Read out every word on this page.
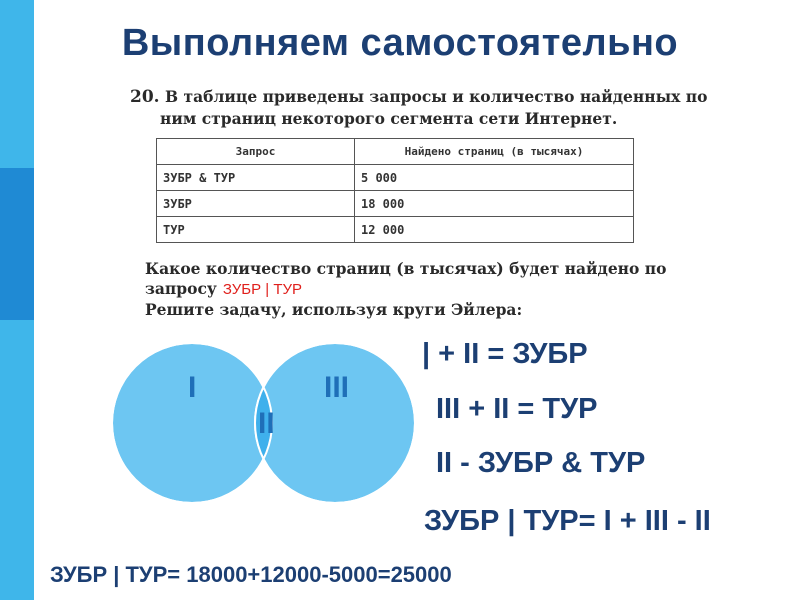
Выполняем самостоятельно
20. В таблице приведены запросы и количество найденных по
ним страниц некоторого сегмента сети Интернет.
Запрос	Найдено страниц (в тысячах)
ЗУБР & ТУР	5 000
ЗУБР	18 000
ТУР	12 000
Какое количество страниц (в тысячах) будет найдено по
запросу ЗУБР | ТУР
Решите задачу, используя круги Эйлера:
I
II
III
| + II = ЗУБР
III + II = ТУР
II - ЗУБР & ТУР
ЗУБР | ТУР= I + III - II
ЗУБР | ТУР= 18000+12000-5000=25000
